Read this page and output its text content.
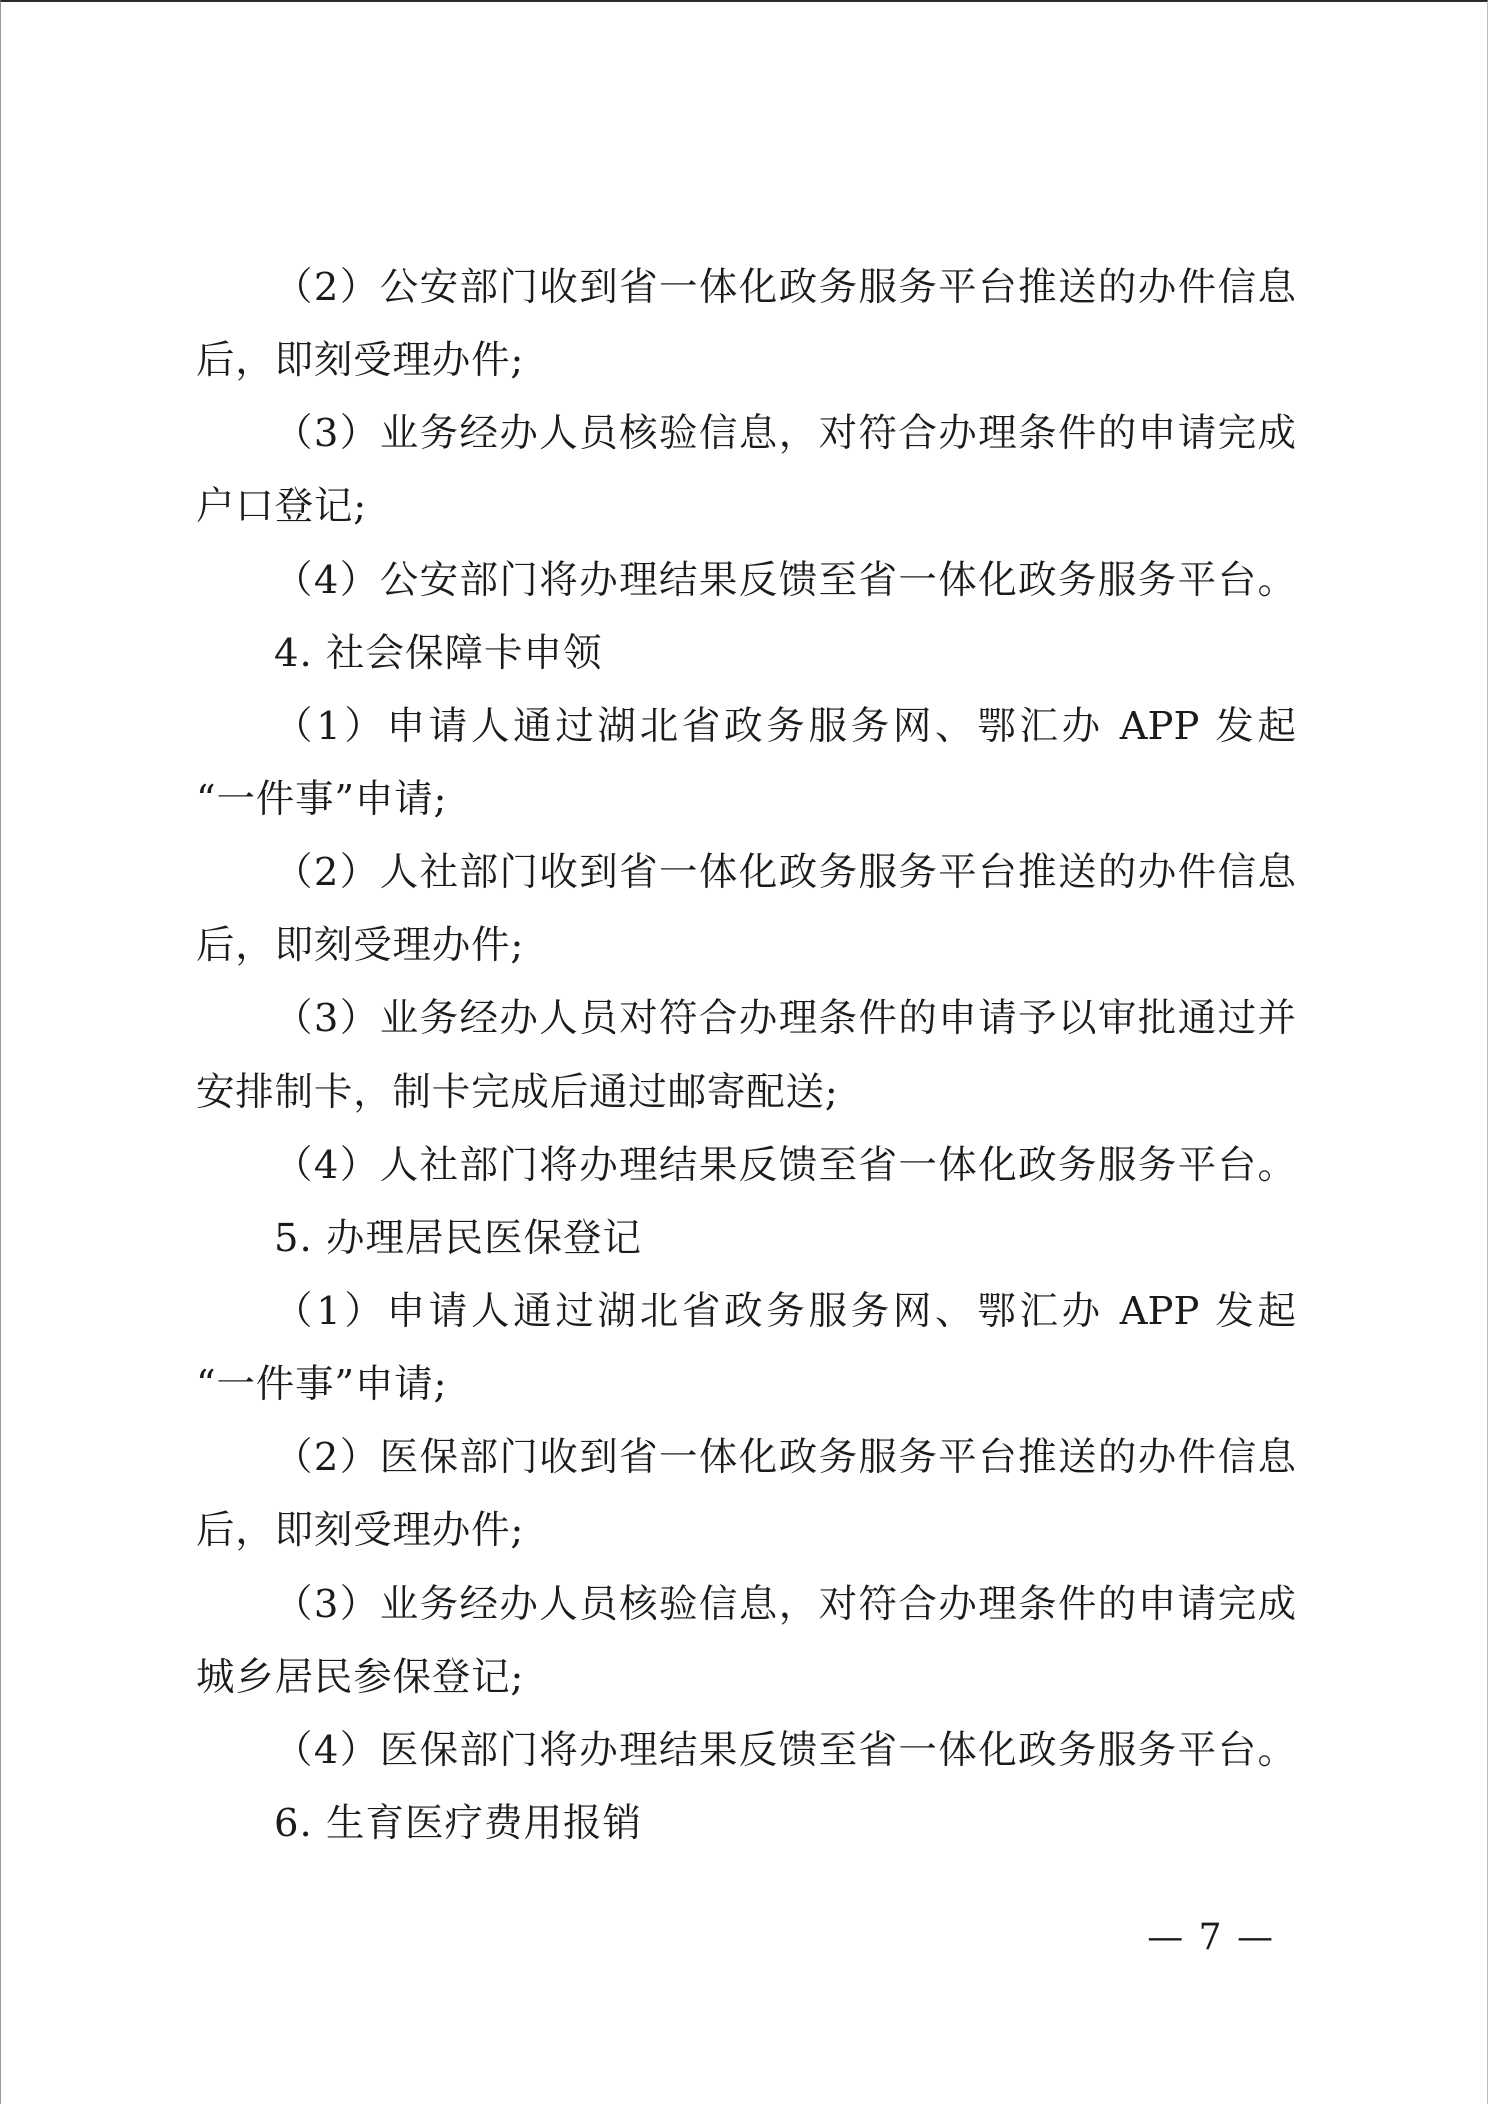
（2）公安部门收到省一体化政务服务平台推送的办件信息
后，即刻受理办件;
（3）业务经办人员核验信息，对符合办理条件的申请完成
户口登记;
（4）公安部门将办理结果反馈至省一体化政务服务平台。
4. 社会保障卡申领
（1）申请人通过湖北省政务服务网、鄂汇办 APP 发起
“一件事”申请;
（2）人社部门收到省一体化政务服务平台推送的办件信息
后，即刻受理办件;
（3）业务经办人员对符合办理条件的申请予以审批通过并
安排制卡，制卡完成后通过邮寄配送;
（4）人社部门将办理结果反馈至省一体化政务服务平台。
5. 办理居民医保登记
（1）申请人通过湖北省政务服务网、鄂汇办 APP 发起
“一件事”申请;
（2）医保部门收到省一体化政务服务平台推送的办件信息
后，即刻受理办件;
（3）业务经办人员核验信息，对符合办理条件的申请完成
城乡居民参保登记;
（4）医保部门将办理结果反馈至省一体化政务服务平台。
6. 生育医疗费用报销
— 7 —
